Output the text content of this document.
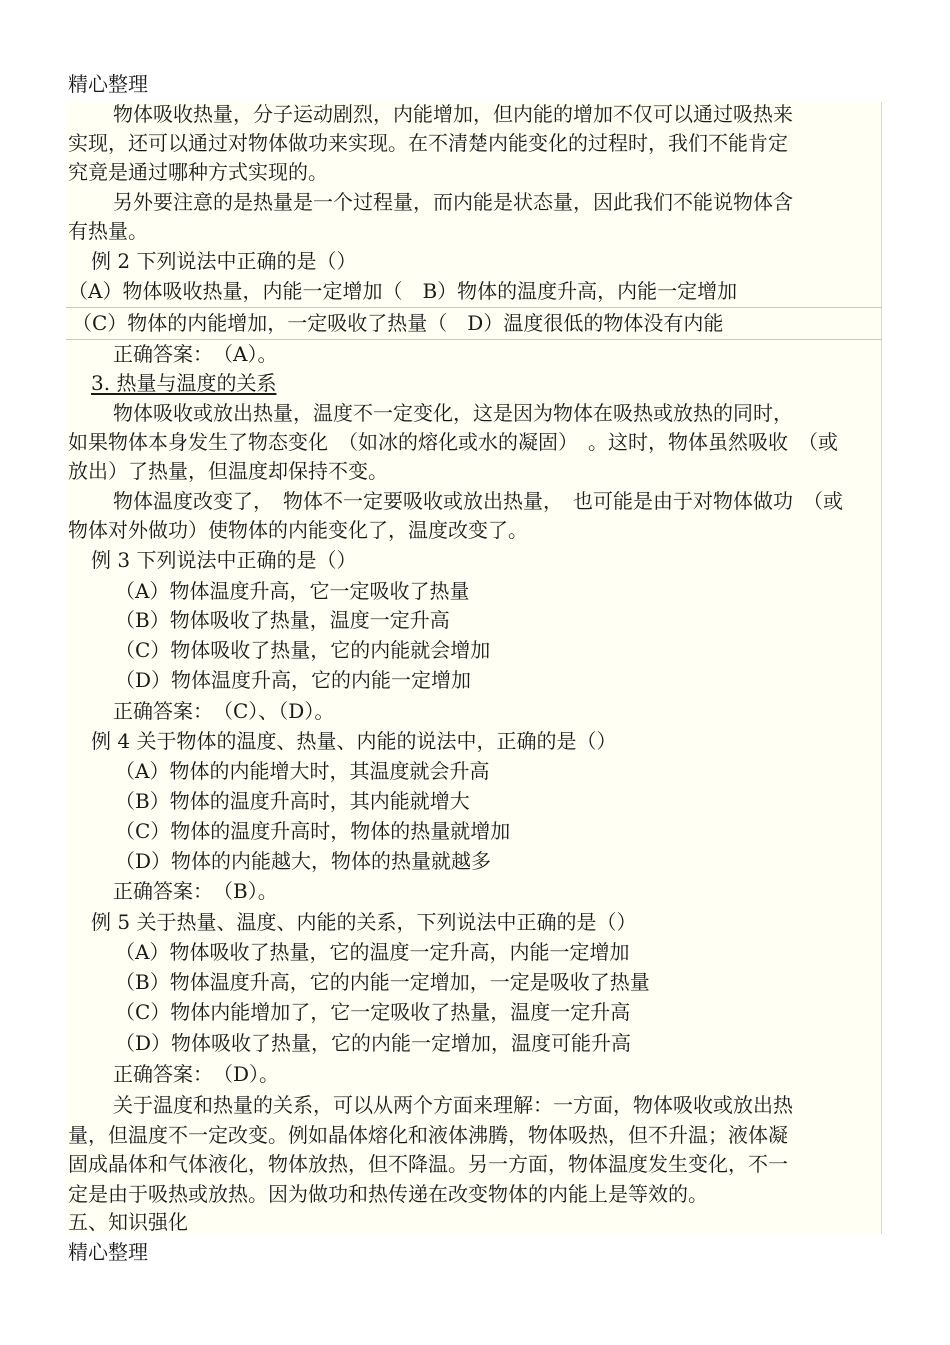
精心整理
物体吸收热量，分子运动剧烈，内能增加，但内能的增加不仅可以通过吸热来
实现，还可以通过对物体做功来实现。在不清楚内能变化的过程时，我们不能肯定
究竟是通过哪种方式实现的。
另外要注意的是热量是一个过程量，而内能是状态量，因此我们不能说物体含
有热量。
例 2 下列说法中正确的是（）
（A）物体吸收热量，内能一定增加（　B）物体的温度升高，内能一定增加
（C）物体的内能增加，一定吸收了热量（　D）温度很低的物体没有内能
正确答案：　（A）。
3. 热量与温度的关系
物体吸收或放出热量，温度不一定变化，这是因为物体在吸热或放热的同时，
如果物体本身发生了物态变化　（如冰的熔化或水的凝固）　。这时，物体虽然吸收　（或
放出）了热量，但温度却保持不变。
物体温度改变了，　物体不一定要吸收或放出热量，　也可能是由于对物体做功　（或
物体对外做功）使物体的内能变化了，温度改变了。
例 3 下列说法中正确的是（）
（A）物体温度升高，它一定吸收了热量
（B）物体吸收了热量，温度一定升高
（C）物体吸收了热量，它的内能就会增加
（D）物体温度升高，它的内能一定增加
正确答案：　（C）、（D）。
例 4 关于物体的温度、热量、内能的说法中，正确的是（）
（A）物体的内能增大时，其温度就会升高
（B）物体的温度升高时，其内能就增大
（C）物体的温度升高时，物体的热量就增加
（D）物体的内能越大，物体的热量就越多
正确答案：　（B）。
例 5 关于热量、温度、内能的关系，下列说法中正确的是（）
（A）物体吸收了热量，它的温度一定升高，内能一定增加
（B）物体温度升高，它的内能一定增加，一定是吸收了热量
（C）物体内能增加了，它一定吸收了热量，温度一定升高
（D）物体吸收了热量，它的内能一定增加，温度可能升高
正确答案：　（D）。
关于温度和热量的关系，可以从两个方面来理解：一方面，物体吸收或放出热
量，但温度不一定改变。例如晶体熔化和液体沸腾，物体吸热，但不升温；液体凝
固成晶体和气体液化，物体放热，但不降温。另一方面，物体温度发生变化，不一
定是由于吸热或放热。因为做功和热传递在改变物体的内能上是等效的。
五、知识强化
精心整理
